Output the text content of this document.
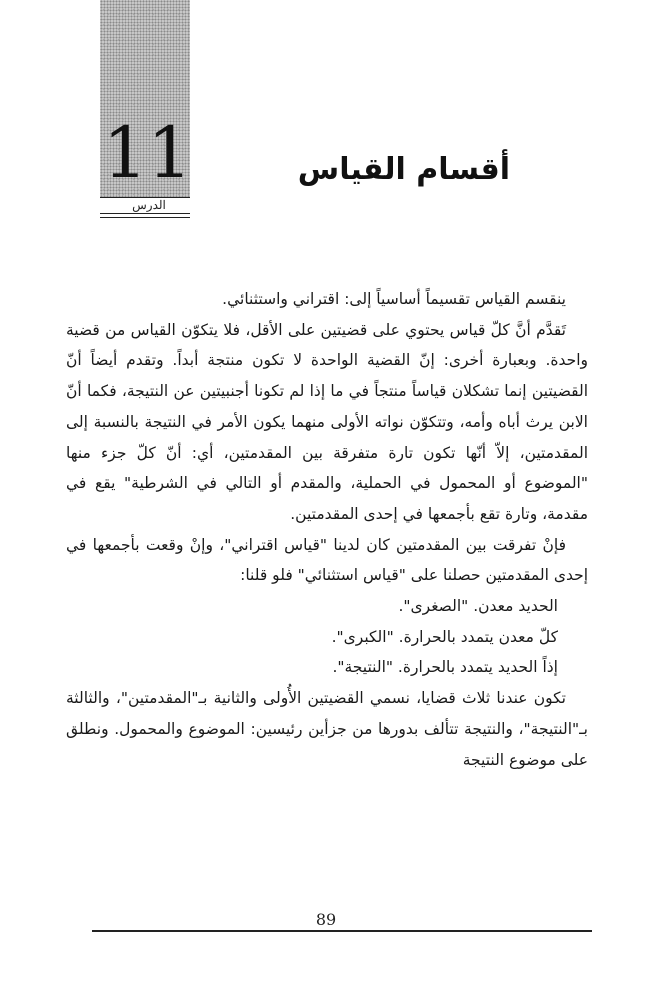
11
الدرس
أقسام القياس

ينقسم القياس تقسيماً أساسياً إلى: اقتراني واستثنائي.

تَقدَّم أنَّ كلّ قياس يحتوي على قضيتين على الأقل، فلا يتكوّن القياس من قضية واحدة. وبعبارة أخرى: إنّ القضية الواحدة لا تكون منتجة أبداً. وتقدم أيضاً أنّ القضيتين إنما تشكلان قياساً منتجاً في ما إذا لم تكونا أجنبيتين عن النتيجة، فكما أنّ الابن يرث أباه وأمه، وتتكوّن نواته الأولى منهما يكون الأمر في النتيجة بالنسبة إلى المقدمتين، إلاّ أنّها تكون تارة متفرقة بين المقدمتين، أي: أنّ كلّ جزء منها "الموضوع أو المحمول في الحملية، والمقدم أو التالي في الشرطية" يقع في مقدمة، وتارة تقع بأجمعها في إحدى المقدمتين.

فإنْ تفرقت بين المقدمتين كان لدينا "قياس اقتراني"، وإنْ وقعت بأجمعها في إحدى المقدمتين حصلنا على "قياس استثنائي" فلو قلنا:

الحديد معدن. "الصغرى".

كلّ معدن يتمدد بالحرارة. "الكبرى".

إذاً الحديد يتمدد بالحرارة. "النتيجة".

تكون عندنا ثلاث قضايا، نسمي القضيتين الأُولى والثانية بـ"المقدمتين"، والثالثة بـ"النتيجة"، والنتيجة تتألف بدورها من جزأين رئيسين: الموضوع والمحمول. ونطلق على موضوع النتيجة

89
